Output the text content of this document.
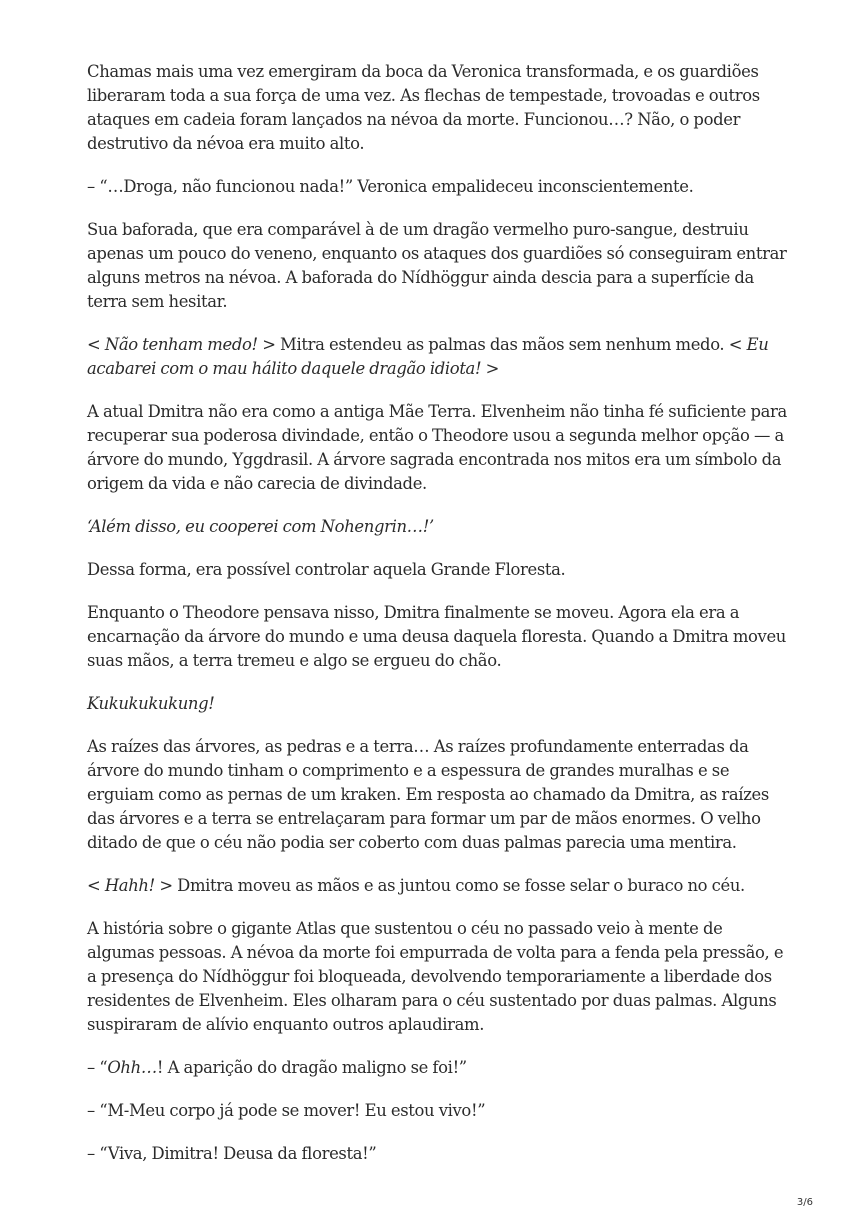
Chamas mais uma vez emergiram da boca da Veronica transformada, e os guardiões liberaram toda a sua força de uma vez. As flechas de tempestade, trovoadas e outros ataques em cadeia foram lançados na névoa da morte. Funcionou…? Não, o poder destrutivo da névoa era muito alto.

– “…Droga, não funcionou nada!” Veronica empalideceu inconscientemente.

Sua baforada, que era comparável à de um dragão vermelho puro-sangue, destruiu apenas um pouco do veneno, enquanto os ataques dos guardiões só conseguiram entrar alguns metros na névoa. A baforada do Nídhöggur ainda descia para a superfície da terra sem hesitar.

< Não tenham medo! > Mitra estendeu as palmas das mãos sem nenhum medo. < Eu acabarei com o mau hálito daquele dragão idiota! >

A atual Dmitra não era como a antiga Mãe Terra. Elvenheim não tinha fé suficiente para recuperar sua poderosa divindade, então o Theodore usou a segunda melhor opção — a árvore do mundo, Yggdrasil. A árvore sagrada encontrada nos mitos era um símbolo da origem da vida e não carecia de divindade.

‘Além disso, eu cooperei com Nohengrin…!’

Dessa forma, era possível controlar aquela Grande Floresta.

Enquanto o Theodore pensava nisso, Dmitra finalmente se moveu. Agora ela era a encarnação da árvore do mundo e uma deusa daquela floresta. Quando a Dmitra moveu suas mãos, a terra tremeu e algo se ergueu do chão.

Kukukukukung!

As raízes das árvores, as pedras e a terra… As raízes profundamente enterradas da árvore do mundo tinham o comprimento e a espessura de grandes muralhas e se erguiam como as pernas de um kraken. Em resposta ao chamado da Dmitra, as raízes das árvores e a terra se entrelaçaram para formar um par de mãos enormes. O velho ditado de que o céu não podia ser coberto com duas palmas parecia uma mentira.

< Hahh! > Dmitra moveu as mãos e as juntou como se fosse selar o buraco no céu.

A história sobre o gigante Atlas que sustentou o céu no passado veio à mente de algumas pessoas. A névoa da morte foi empurrada de volta para a fenda pela pressão, e a presença do Nídhöggur foi bloqueada, devolvendo temporariamente a liberdade dos residentes de Elvenheim. Eles olharam para o céu sustentado por duas palmas. Alguns suspiraram de alívio enquanto outros aplaudiram.

– “Ohh…! A aparição do dragão maligno se foi!”

– “M-Meu corpo já pode se mover! Eu estou vivo!”

– “Viva, Dimitra! Deusa da floresta!”

3/6
